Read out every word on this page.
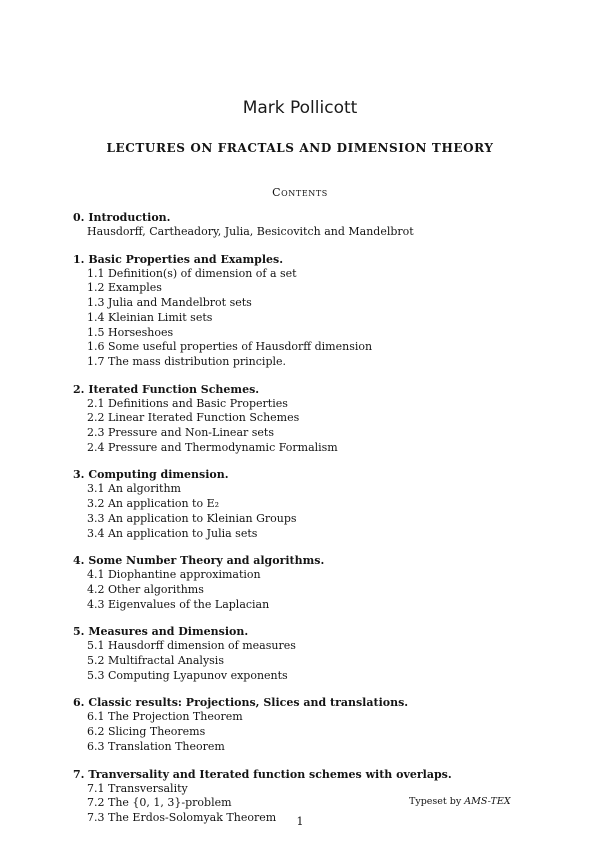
Mark Pollicott
LECTURES ON FRACTALS AND DIMENSION THEORY
Contents
0. Introduction.
Hausdorff, Cartheadory, Julia, Besicovitch and Mandelbrot
1. Basic Properties and Examples.
1.1 Definition(s) of dimension of a set
1.2 Examples
1.3 Julia and Mandelbrot sets
1.4 Kleinian Limit sets
1.5 Horseshoes
1.6 Some useful properties of Hausdorff dimension
1.7 The mass distribution principle.
2. Iterated Function Schemes.
2.1 Definitions and Basic Properties
2.2 Linear Iterated Function Schemes
2.3 Pressure and Non-Linear sets
2.4 Pressure and Thermodynamic Formalism
3. Computing dimension.
3.1 An algorithm
3.2 An application to E₂
3.3 An application to Kleinian Groups
3.4 An application to Julia sets
4. Some Number Theory and algorithms.
4.1 Diophantine approximation
4.2 Other algorithms
4.3 Eigenvalues of the Laplacian
5. Measures and Dimension.
5.1 Hausdorff dimension of measures
5.2 Multifractal Analysis
5.3 Computing Lyapunov exponents
6. Classic results: Projections, Slices and translations.
6.1 The Projection Theorem
6.2 Slicing Theorems
6.3 Translation Theorem
7. Tranversality and Iterated function schemes with overlaps.
7.1 Transversality
7.2 The {0, 1, 3}-problem
7.3 The Erdos-Solomyak Theorem
Typeset by AMS-TEX
1
